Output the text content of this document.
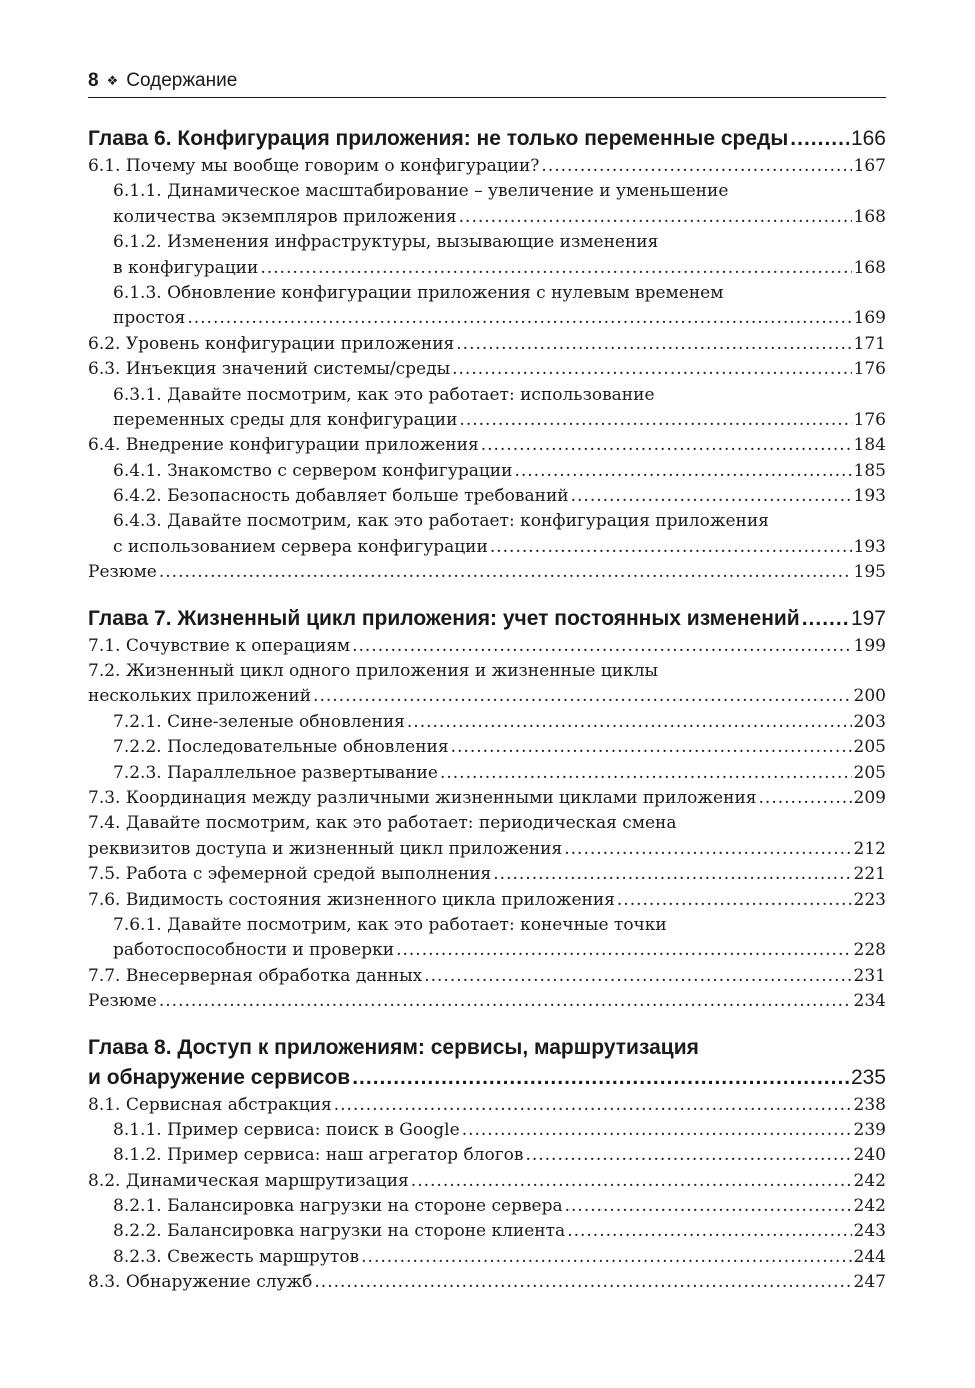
8 ❖ Содержание
Глава 6. Конфигурация приложения: не только переменные среды .....	166
6.1. Почему мы вообще говорим о конфигурации? .....	167
6.1.1. Динамическое масштабирование – увеличение и уменьшение
количества экземпляров приложения .....	168
6.1.2. Изменения инфраструктуры, вызывающие изменения
в конфигурации .....	168
6.1.3. Обновление конфигурации приложения с нулевым временем
простоя .....	169
6.2. Уровень конфигурации приложения .....	171
6.3. Инъекция значений системы/среды .....	176
6.3.1. Давайте посмотрим, как это работает: использование
переменных среды для конфигурации .....	176
6.4. Внедрение конфигурации приложения .....	184
6.4.1. Знакомство с сервером конфигурации .....	185
6.4.2. Безопасность добавляет больше требований .....	193
6.4.3. Давайте посмотрим, как это работает: конфигурация приложения
с использованием сервера конфигурации .....	193
Резюме .....	195
Глава 7. Жизненный цикл приложения: учет постоянных изменений ..... 197
7.1. Сочувствие к операциям .....	199
7.2. Жизненный цикл одного приложения и жизненные циклы
нескольких приложений .....	200
7.2.1. Сине-зеленые обновления .....	203
7.2.2. Последовательные обновления .....	205
7.2.3. Параллельное развертывание .....	205
7.3. Координация между различными жизненными циклами приложения .....	209
7.4. Давайте посмотрим, как это работает: периодическая смена
реквизитов доступа и жизненный цикл приложения .....	212
7.5. Работа с эфемерной средой выполнения .....	221
7.6. Видимость состояния жизненного цикла приложения .....	223
7.6.1. Давайте посмотрим, как это работает: конечные точки
работоспособности и проверки .....	228
7.7. Внесерверная обработка данных .....	231
Резюме .....	234
Глава 8. Доступ к приложениям: сервисы, маршрутизация
и обнаружение сервисов .....	235
8.1. Сервисная абстракция .....	238
8.1.1. Пример сервиса: поиск в Google .....	239
8.1.2. Пример сервиса: наш агрегатор блогов .....	240
8.2. Динамическая маршрутизация .....	242
8.2.1. Балансировка нагрузки на стороне сервера .....	242
8.2.2. Балансировка нагрузки на стороне клиента .....	243
8.2.3. Свежесть маршрутов .....	244
8.3. Обнаружение служб .....	247
